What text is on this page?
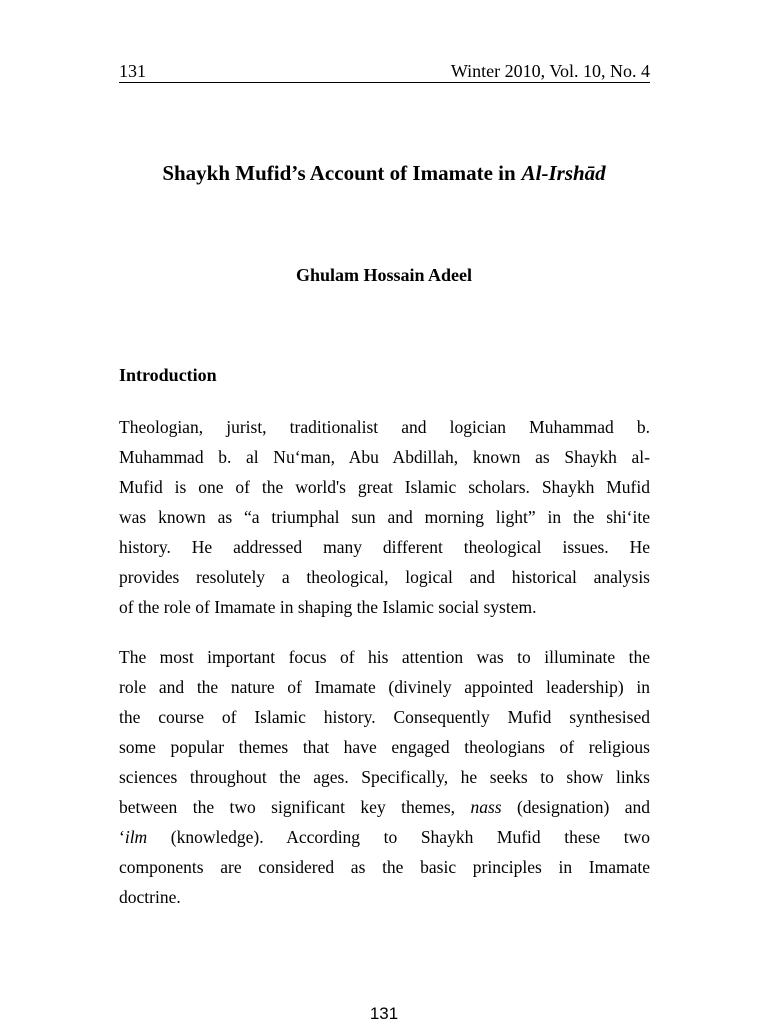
131	Winter 2010, Vol. 10, No. 4
Shaykh Mufid’s Account of Imamate in Al-Irshād
Ghulam Hossain Adeel
Introduction
Theologian, jurist, traditionalist and logician Muhammad b.
Muhammad b. al Nu‘man, Abu Abdillah, known as Shaykh al-
Mufid is one of the world's great Islamic scholars. Shaykh Mufid
was known as “a triumphal sun and morning light” in the shi‘ite
history. He addressed many different theological issues. He
provides resolutely a theological, logical and historical analysis
of the role of Imamate in shaping the Islamic social system.
The most important focus of his attention was to illuminate the
role and the nature of Imamate (divinely appointed leadership) in
the course of Islamic history. Consequently Mufid synthesised
some popular themes that have engaged theologians of religious
sciences throughout the ages. Specifically, he seeks to show links
between the two significant key themes, nass (designation) and
‘ilm (knowledge). According to Shaykh Mufid these two
components are considered as the basic principles in Imamate
doctrine.
131
